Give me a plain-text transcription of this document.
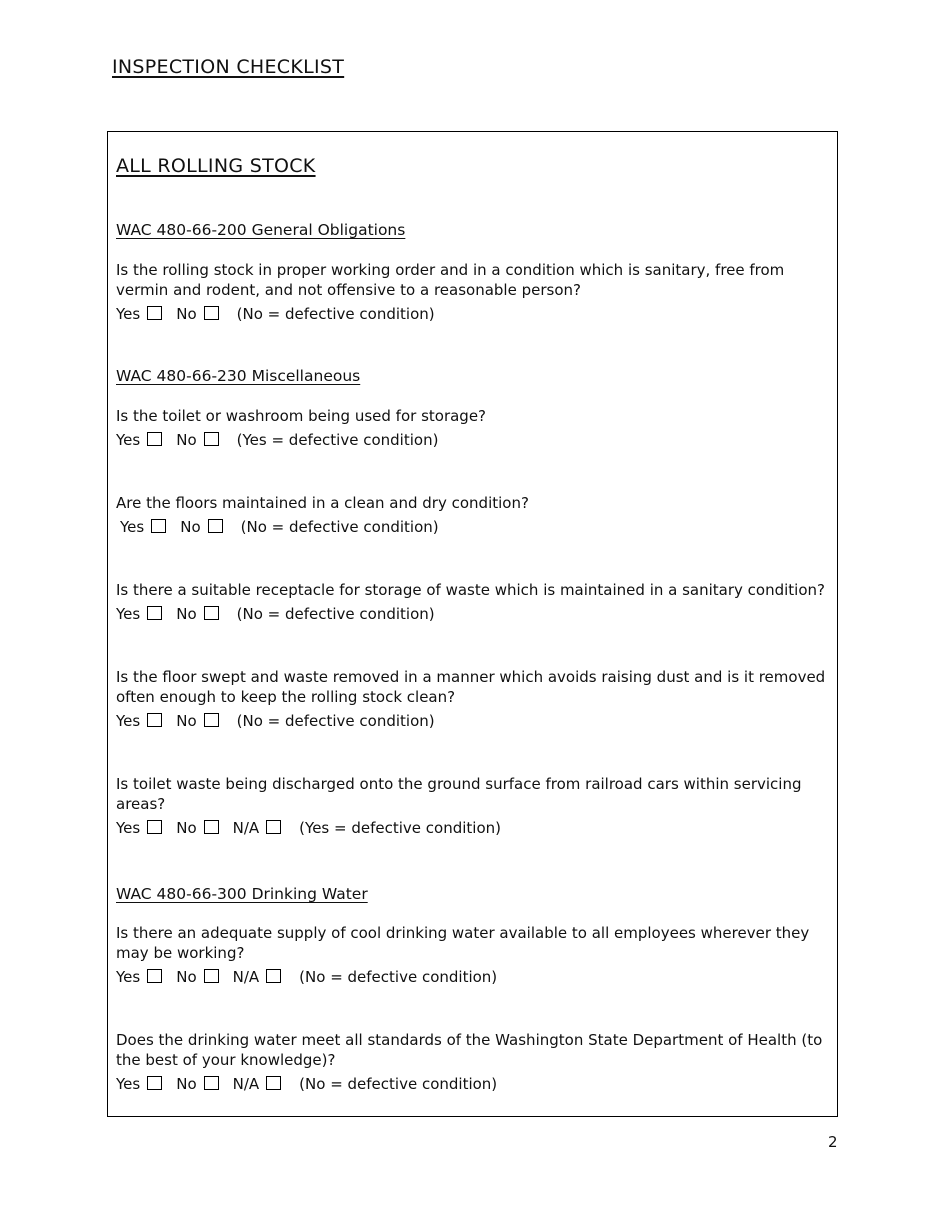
INSPECTION CHECKLIST
ALL ROLLING STOCK
WAC 480-66-200 General Obligations
Is the rolling stock in proper working order and in a condition which is sanitary, free from vermin and rodent, and not offensive to a reasonable person?
Yes No	(No = defective condition)
WAC 480-66-230 Miscellaneous
Is the toilet or washroom being used for storage?
Yes No	(Yes = defective condition)
Are the floors maintained in a clean and dry condition?
Yes No	(No = defective condition)
Is there a suitable receptacle for storage of waste which is maintained in a sanitary condition?
Yes No	(No = defective condition)
Is the floor swept and waste removed in a manner which avoids raising dust and is it removed often enough to keep the rolling stock clean?
Yes No	(No = defective condition)
Is toilet waste being discharged onto the ground surface from railroad cars within servicing areas?
Yes No N/A	(Yes = defective condition)
WAC 480-66-300 Drinking Water
Is there an adequate supply of cool drinking water available to all employees wherever they may be working?
Yes No N/A	(No = defective condition)
Does the drinking water meet all standards of the Washington State Department of Health (to the best of your knowledge)?
Yes No N/A	(No = defective condition)
2
